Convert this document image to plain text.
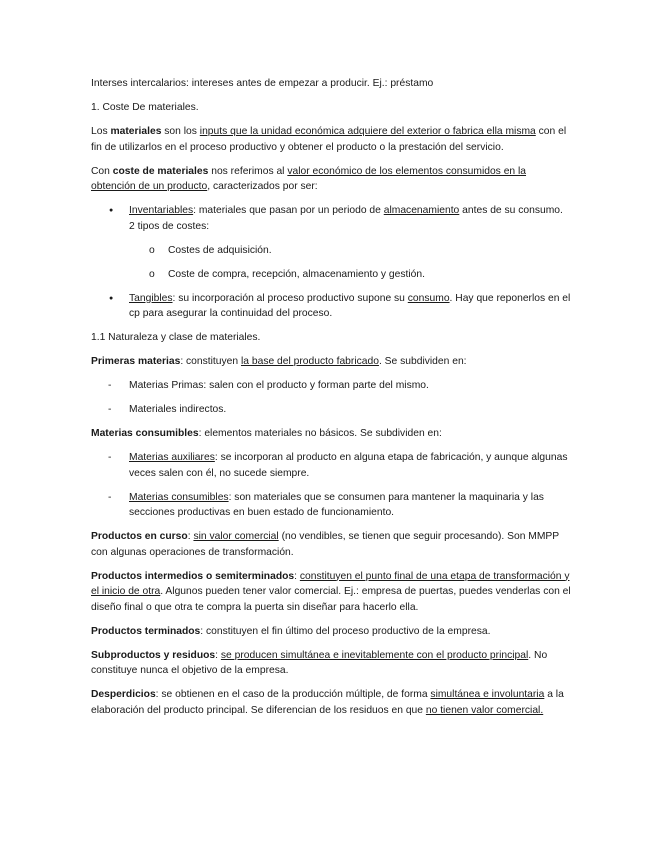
Interses intercalarios: intereses antes de empezar a producir. Ej.: préstamo

1. Coste De materiales.

Los materiales son los inputs que la unidad económica adquiere del exterior o fabrica ella misma con el fin de utilizarlos en el proceso productivo y obtener el producto o la prestación del servicio.

Con coste de materiales nos referimos al valor económico de los elementos consumidos en la obtención de un producto, caracterizados por ser:

● Inventariables: materiales que pasan por un periodo de almacenamiento antes de su consumo. 2 tipos de costes:
o Costes de adquisición.
o Coste de compra, recepción, almacenamiento y gestión.
● Tangibles: su incorporación al proceso productivo supone su consumo. Hay que reponerlos en el cp para asegurar la continuidad del proceso.

1.1 Naturaleza y clase de materiales.

Primeras materias: constituyen la base del producto fabricado. Se subdividen en:

- Materias Primas: salen con el producto y forman parte del mismo.
- Materiales indirectos.

Materias consumibles: elementos materiales no básicos. Se subdividen en:

- Materias auxiliares: se incorporan al producto en alguna etapa de fabricación, y aunque algunas veces salen con él, no sucede siempre.
- Materias consumibles: son materiales que se consumen para mantener la maquinaria y las secciones productivas en buen estado de funcionamiento.

Productos en curso: sin valor comercial (no vendibles, se tienen que seguir procesando). Son MMPP con algunas operaciones de transformación.

Productos intermedios o semiterminados: constituyen el punto final de una etapa de transformación y el inicio de otra. Algunos pueden tener valor comercial. Ej.: empresa de puertas, puedes venderlas con el diseño final o que otra te compra la puerta sin diseñar para hacerlo ella.

Productos terminados: constituyen el fin último del proceso productivo de la empresa.

Subproductos y residuos: se producen simultánea e inevitablemente con el producto principal. No constituye nunca el objetivo de la empresa.

Desperdicios: se obtienen en el caso de la producción múltiple, de forma simultánea e involuntaria a la elaboración del producto principal. Se diferencian de los residuos en que no tienen valor comercial.
